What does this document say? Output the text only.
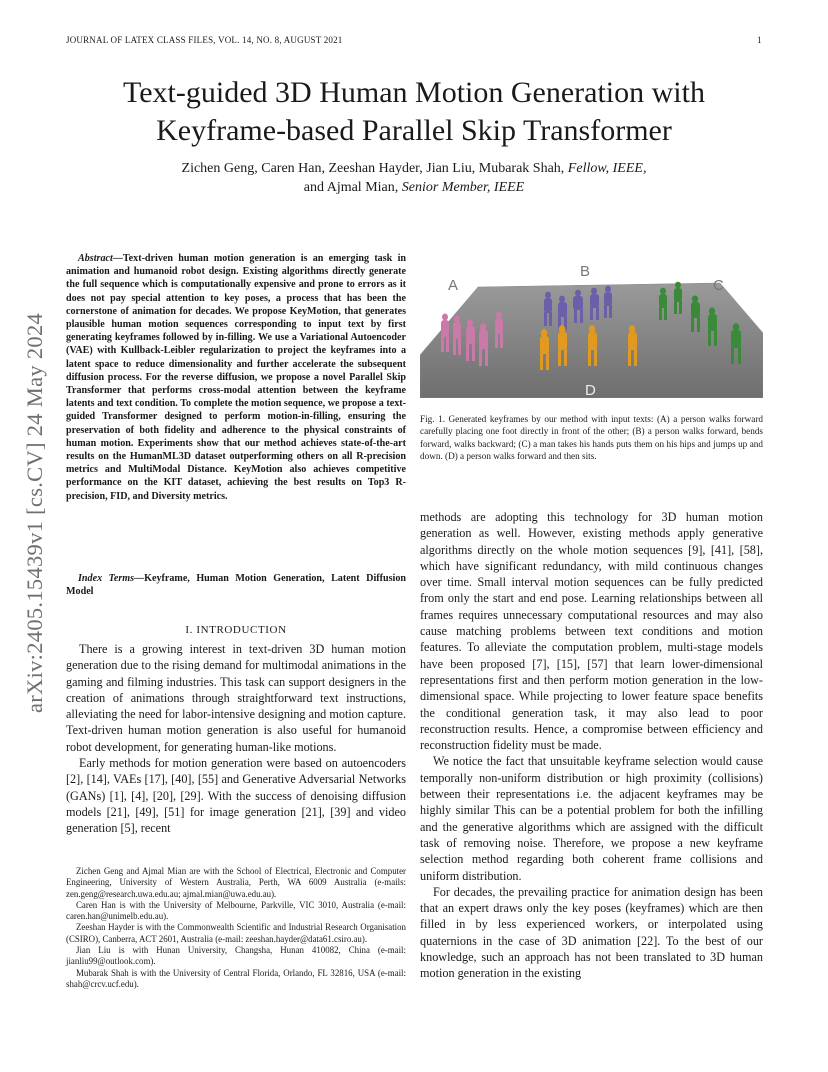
JOURNAL OF LATEX CLASS FILES, VOL. 14, NO. 8, AUGUST 2021	1
arXiv:2405.15439v1 [cs.CV] 24 May 2024
Text-guided 3D Human Motion Generation with
Keyframe-based Parallel Skip Transformer
Zichen Geng, Caren Han, Zeeshan Hayder, Jian Liu, Mubarak Shah, Fellow, IEEE,
and Ajmal Mian, Senior Member, IEEE

Abstract—Text-driven human motion generation is an emerging task in animation and humanoid robot design. Existing algorithms directly generate the full sequence which is computationally expensive and prone to errors as it does not pay special attention to key poses, a process that has been the cornerstone of animation for decades. We propose KeyMotion, that generates plausible human motion sequences corresponding to input text by first generating keyframes followed by in-filling. We use a Variational Autoencoder (VAE) with Kullback-Leibler regularization to project the keyframes into a latent space to reduce dimensionality and further accelerate the subsequent diffusion process. For the reverse diffusion, we propose a novel Parallel Skip Transformer that performs cross-modal attention between the keyframe latents and text condition. To complete the motion sequence, we propose a text-guided Transformer designed to perform motion-in-filling, ensuring the preservation of both fidelity and adherence to the physical constraints of human motion. Experiments show that our method achieves state-of-the-art results on the HumanML3D dataset outperforming others on all R-precision metrics and MultiModal Distance. KeyMotion also achieves competitive performance on the KIT dataset, achieving the best results on Top3 R-precision, FID, and Diversity metrics.

Index Terms—Keyframe, Human Motion Generation, Latent Diffusion Model

I. INTRODUCTION

There is a growing interest in text-driven 3D human motion generation due to the rising demand for multimodal animations in the gaming and filming industries. This task can support designers in the creation of animations through straightforward text instructions, alleviating the need for labor-intensive designing and motion capture. Text-driven human motion generation is also useful for humanoid robot development, for generating human-like motions.

Early methods for motion generation were based on autoencoders [2], [14], VAEs [17], [40], [55] and Generative Adversarial Networks (GANs) [1], [4], [20], [29]. With the success of denoising diffusion models [21], [49], [51] for image generation [21], [39] and video generation [5], recent

Zichen Geng and Ajmal Mian are with the School of Electrical, Electronic and Computer Engineering, University of Western Australia, Perth, WA 6009 Australia (e-mails: zen.geng@research.uwa.edu.au; ajmal.mian@uwa.edu.au).

Caren Han is with the University of Melbourne, Parkville, VIC 3010, Australia (e-mail: caren.han@unimelb.edu.au).

Zeeshan Hayder is with the Commonwealth Scientific and Industrial Research Organisation (CSIRO), Canberra, ACT 2601, Australia (e-mail: zeeshan.hayder@data61.csiro.au).

Jian Liu is with Hunan University, Changsha, Hunan 410082, China (e-mail: jianliu99@outlook.com).

Mubarak Shah is with the University of Central Florida, Orlando, FL 32816, USA (e-mail: shah@crcv.ucf.edu).

A
B
C
D
Fig. 1. Generated keyframes by our method with input texts: (A) a person walks forward carefully placing one foot directly in front of the other; (B) a person walks forward, bends forward, walks backward; (C) a man takes his hands puts them on his hips and jumps up and down. (D) a person walks forward and then sits.

methods are adopting this technology for 3D human motion generation as well. However, existing methods apply generative algorithms directly on the whole motion sequences [9], [41], [58], which have significant redundancy, with mild continuous changes over time. Small interval motion sequences can be fully predicted from only the start and end pose. Learning relationships between all frames requires unnecessary computational resources and may also cause matching problems between text conditions and motion features. To alleviate the computation problem, multi-stage models have been proposed [7], [15], [57] that learn lower-dimensional representations first and then perform motion generation in the low-dimensional space. While projecting to lower feature space benefits the conditional generation task, it may also lead to poor reconstruction results. Hence, a compromise between efficiency and reconstruction fidelity must be made.

We notice the fact that unsuitable keyframe selection would cause temporally non-uniform distribution or high proximity (collisions) between their representations i.e. the adjacent keyframes may be highly similar This can be a potential problem for both the infilling and the generative algorithms which are assigned with the difficult task of removing noise. Therefore, we propose a new keyframe selection method regarding both coherent frame collisions and uniform distribution.

For decades, the prevailing practice for animation design has been that an expert draws only the key poses (keyframes) which are then filled in by less experienced workers, or interpolated using quaternions in the case of 3D animation [22]. To the best of our knowledge, such an approach has not been translated to 3D human motion generation in the existing
